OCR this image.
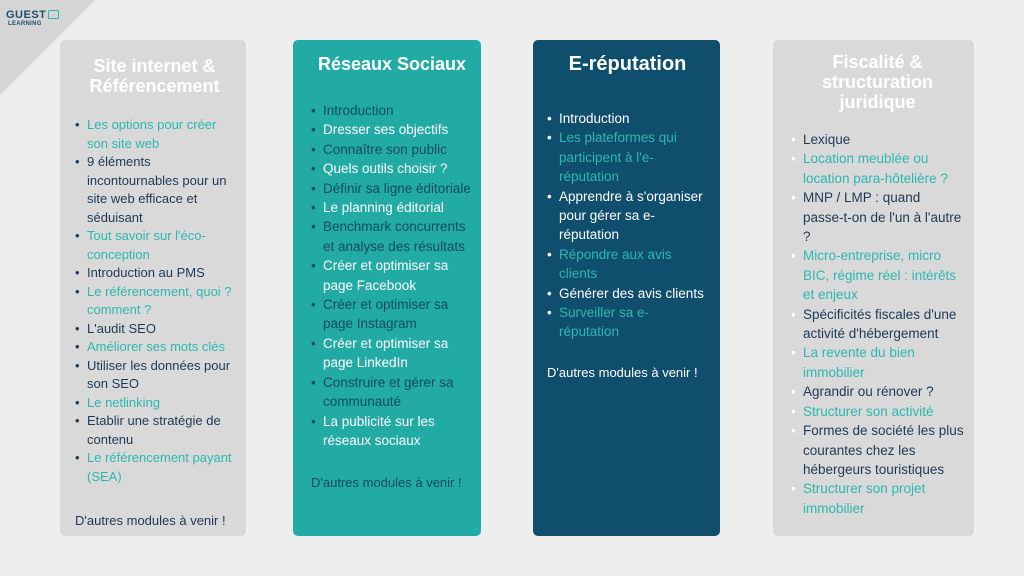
GUEST
LEARNING
Site internet & Référencement
• Les options pour créer son site web
• 9 éléments incontournables pour un site web efficace et séduisant
• Tout savoir sur l'éco-conception
• Introduction au PMS
• Le référencement, quoi ? comment ?
• L'audit SEO
• Améliorer ses mots clés
• Utiliser les données pour son SEO
• Le netlinking
• Etablir une stratégie de contenu
• Le référencement payant (SEA)
D'autres modules à venir !
Réseaux Sociaux
• Introduction
• Dresser ses objectifs
• Connaître son public
• Quels outils choisir ?
• Définir sa ligne éditoriale
• Le planning éditorial
• Benchmark concurrents et analyse des résultats
• Créer et optimiser sa page Facebook
• Créer et optimiser sa page Instagram
• Créer et optimiser sa page LinkedIn
• Construire et gérer sa communauté
• La publicité sur les réseaux sociaux
D'autres modules à venir !
E-réputation
• Introduction
• Les plateformes qui participent à l'e-réputation
• Apprendre à s'organiser pour gérer sa e-réputation
• Répondre aux avis clients
• Générer des avis clients
• Surveiller sa e-réputation
D'autres modules à venir !
Fiscalité & structuration juridique
• Lexique
• Location meublée ou location para-hôtelière ?
• MNP / LMP : quand passe-t-on de l'un à l'autre ?
• Micro-entreprise, micro BIC, régime réel : intérêts et enjeux
• Spécificités fiscales d'une activité d'hébergement
• La revente du bien immobilier
• Agrandir ou rénover ?
• Structurer son activité
• Formes de société les plus courantes chez les hébergeurs touristiques
• Structurer son projet immobilier
